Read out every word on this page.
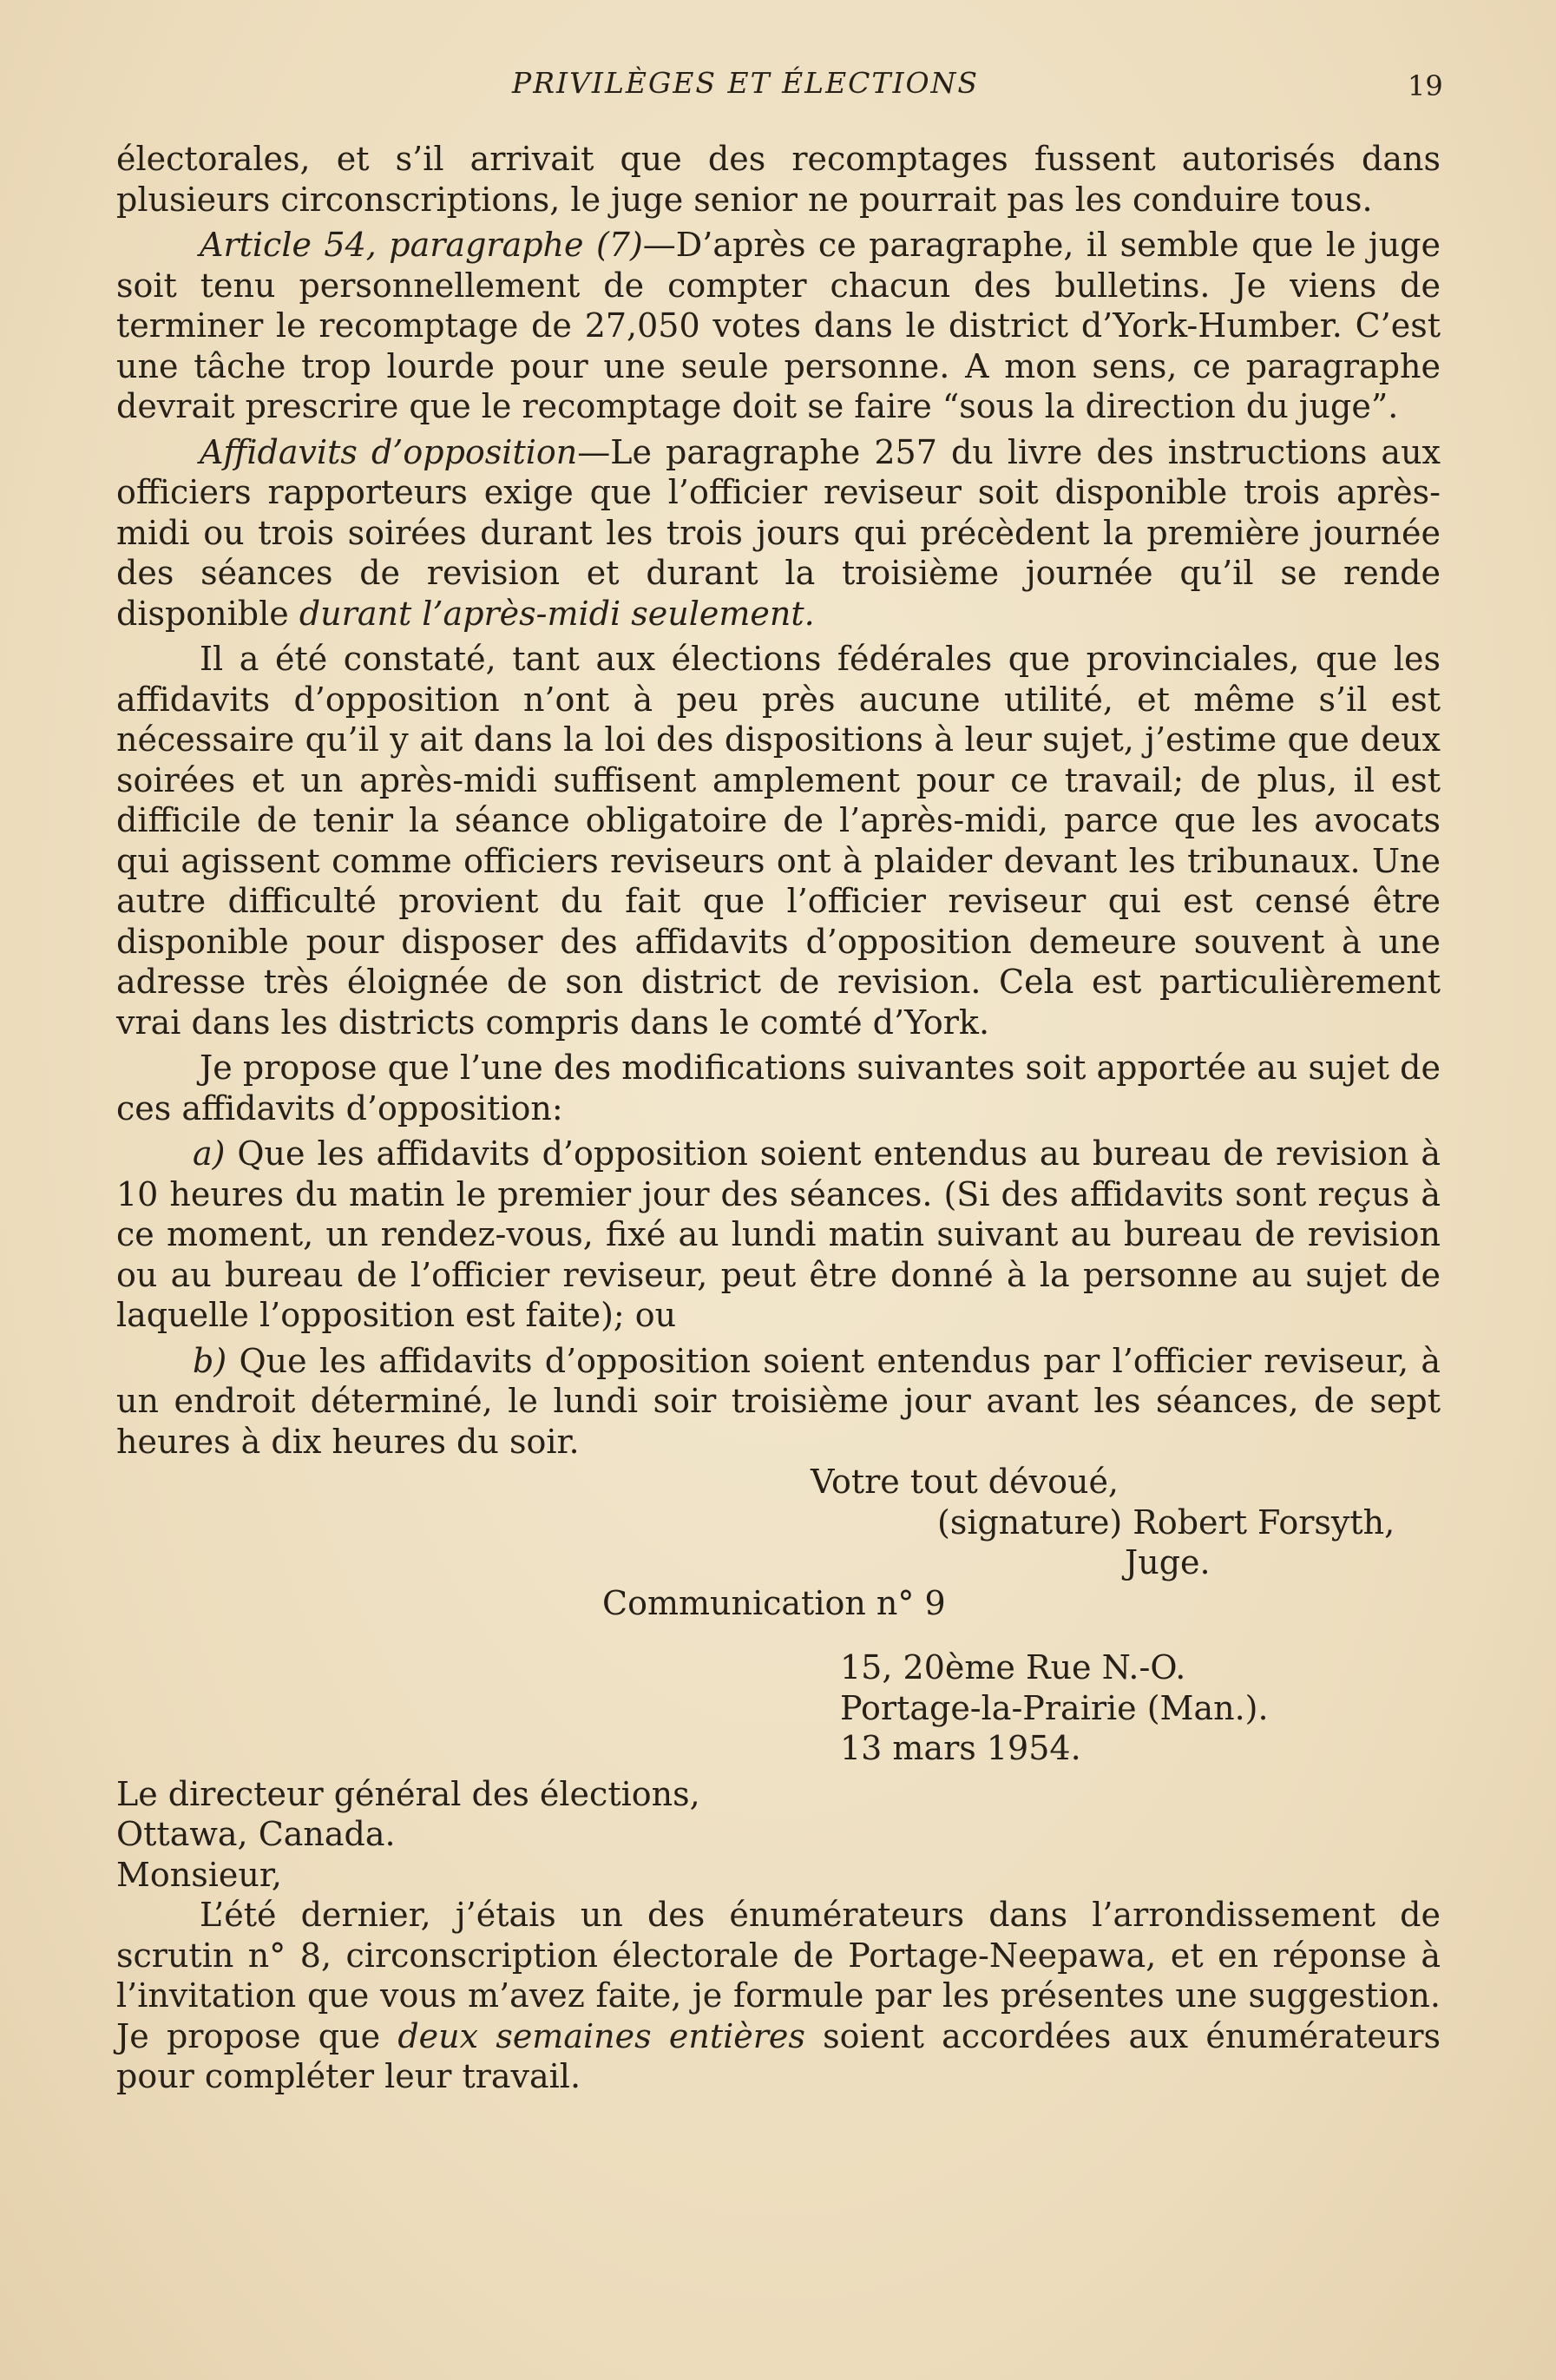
PRIVILÈGES ET ÉLECTIONS	19

électorales, et s’il arrivait que des recomptages fussent autorisés dans plusieurs circonscriptions, le juge senior ne pourrait pas les conduire tous.

Article 54, paragraphe (7)—D’après ce paragraphe, il semble que le juge soit tenu personnellement de compter chacun des bulletins. Je viens de terminer le recomptage de 27,050 votes dans le district d’York-Humber. C’est une tâche trop lourde pour une seule personne. A mon sens, ce paragraphe devrait prescrire que le recomptage doit se faire “sous la direction du juge”.

Affidavits d’opposition—Le paragraphe 257 du livre des instructions aux officiers rapporteurs exige que l’officier reviseur soit disponible trois après-midi ou trois soirées durant les trois jours qui précèdent la première journée des séances de revision et durant la troisième journée qu’il se rende disponible durant l’après-midi seulement.

Il a été constaté, tant aux élections fédérales que provinciales, que les affidavits d’opposition n’ont à peu près aucune utilité, et même s’il est nécessaire qu’il y ait dans la loi des dispositions à leur sujet, j’estime que deux soirées et un après-midi suffisent amplement pour ce travail; de plus, il est difficile de tenir la séance obligatoire de l’après-midi, parce que les avocats qui agissent comme officiers reviseurs ont à plaider devant les tribunaux. Une autre difficulté provient du fait que l’officier reviseur qui est censé être disponible pour disposer des affidavits d’opposition demeure souvent à une adresse très éloignée de son district de revision. Cela est particulièrement vrai dans les districts compris dans le comté d’York.

Je propose que l’une des modifications suivantes soit apportée au sujet de ces affidavits d’opposition:

a) Que les affidavits d’opposition soient entendus au bureau de revision à 10 heures du matin le premier jour des séances. (Si des affidavits sont reçus à ce moment, un rendez-vous, fixé au lundi matin suivant au bureau de revision ou au bureau de l’officier reviseur, peut être donné à la personne au sujet de laquelle l’opposition est faite); ou

b) Que les affidavits d’opposition soient entendus par l’officier reviseur, à un endroit déterminé, le lundi soir troisième jour avant les séances, de sept heures à dix heures du soir.

Votre tout dévoué,

(signature) Robert Forsyth,

Juge.

Communication n° 9

15, 20ème Rue N.-O.
Portage-la-Prairie (Man.).
13 mars 1954.
Le directeur général des élections,
Ottawa, Canada.

Monsieur,

L’été dernier, j’étais un des énumérateurs dans l’arrondissement de scrutin n° 8, circonscription électorale de Portage-Neepawa, et en réponse à l’invitation que vous m’avez faite, je formule par les présentes une suggestion. Je propose que deux semaines entières soient accordées aux énumérateurs pour compléter leur travail.
